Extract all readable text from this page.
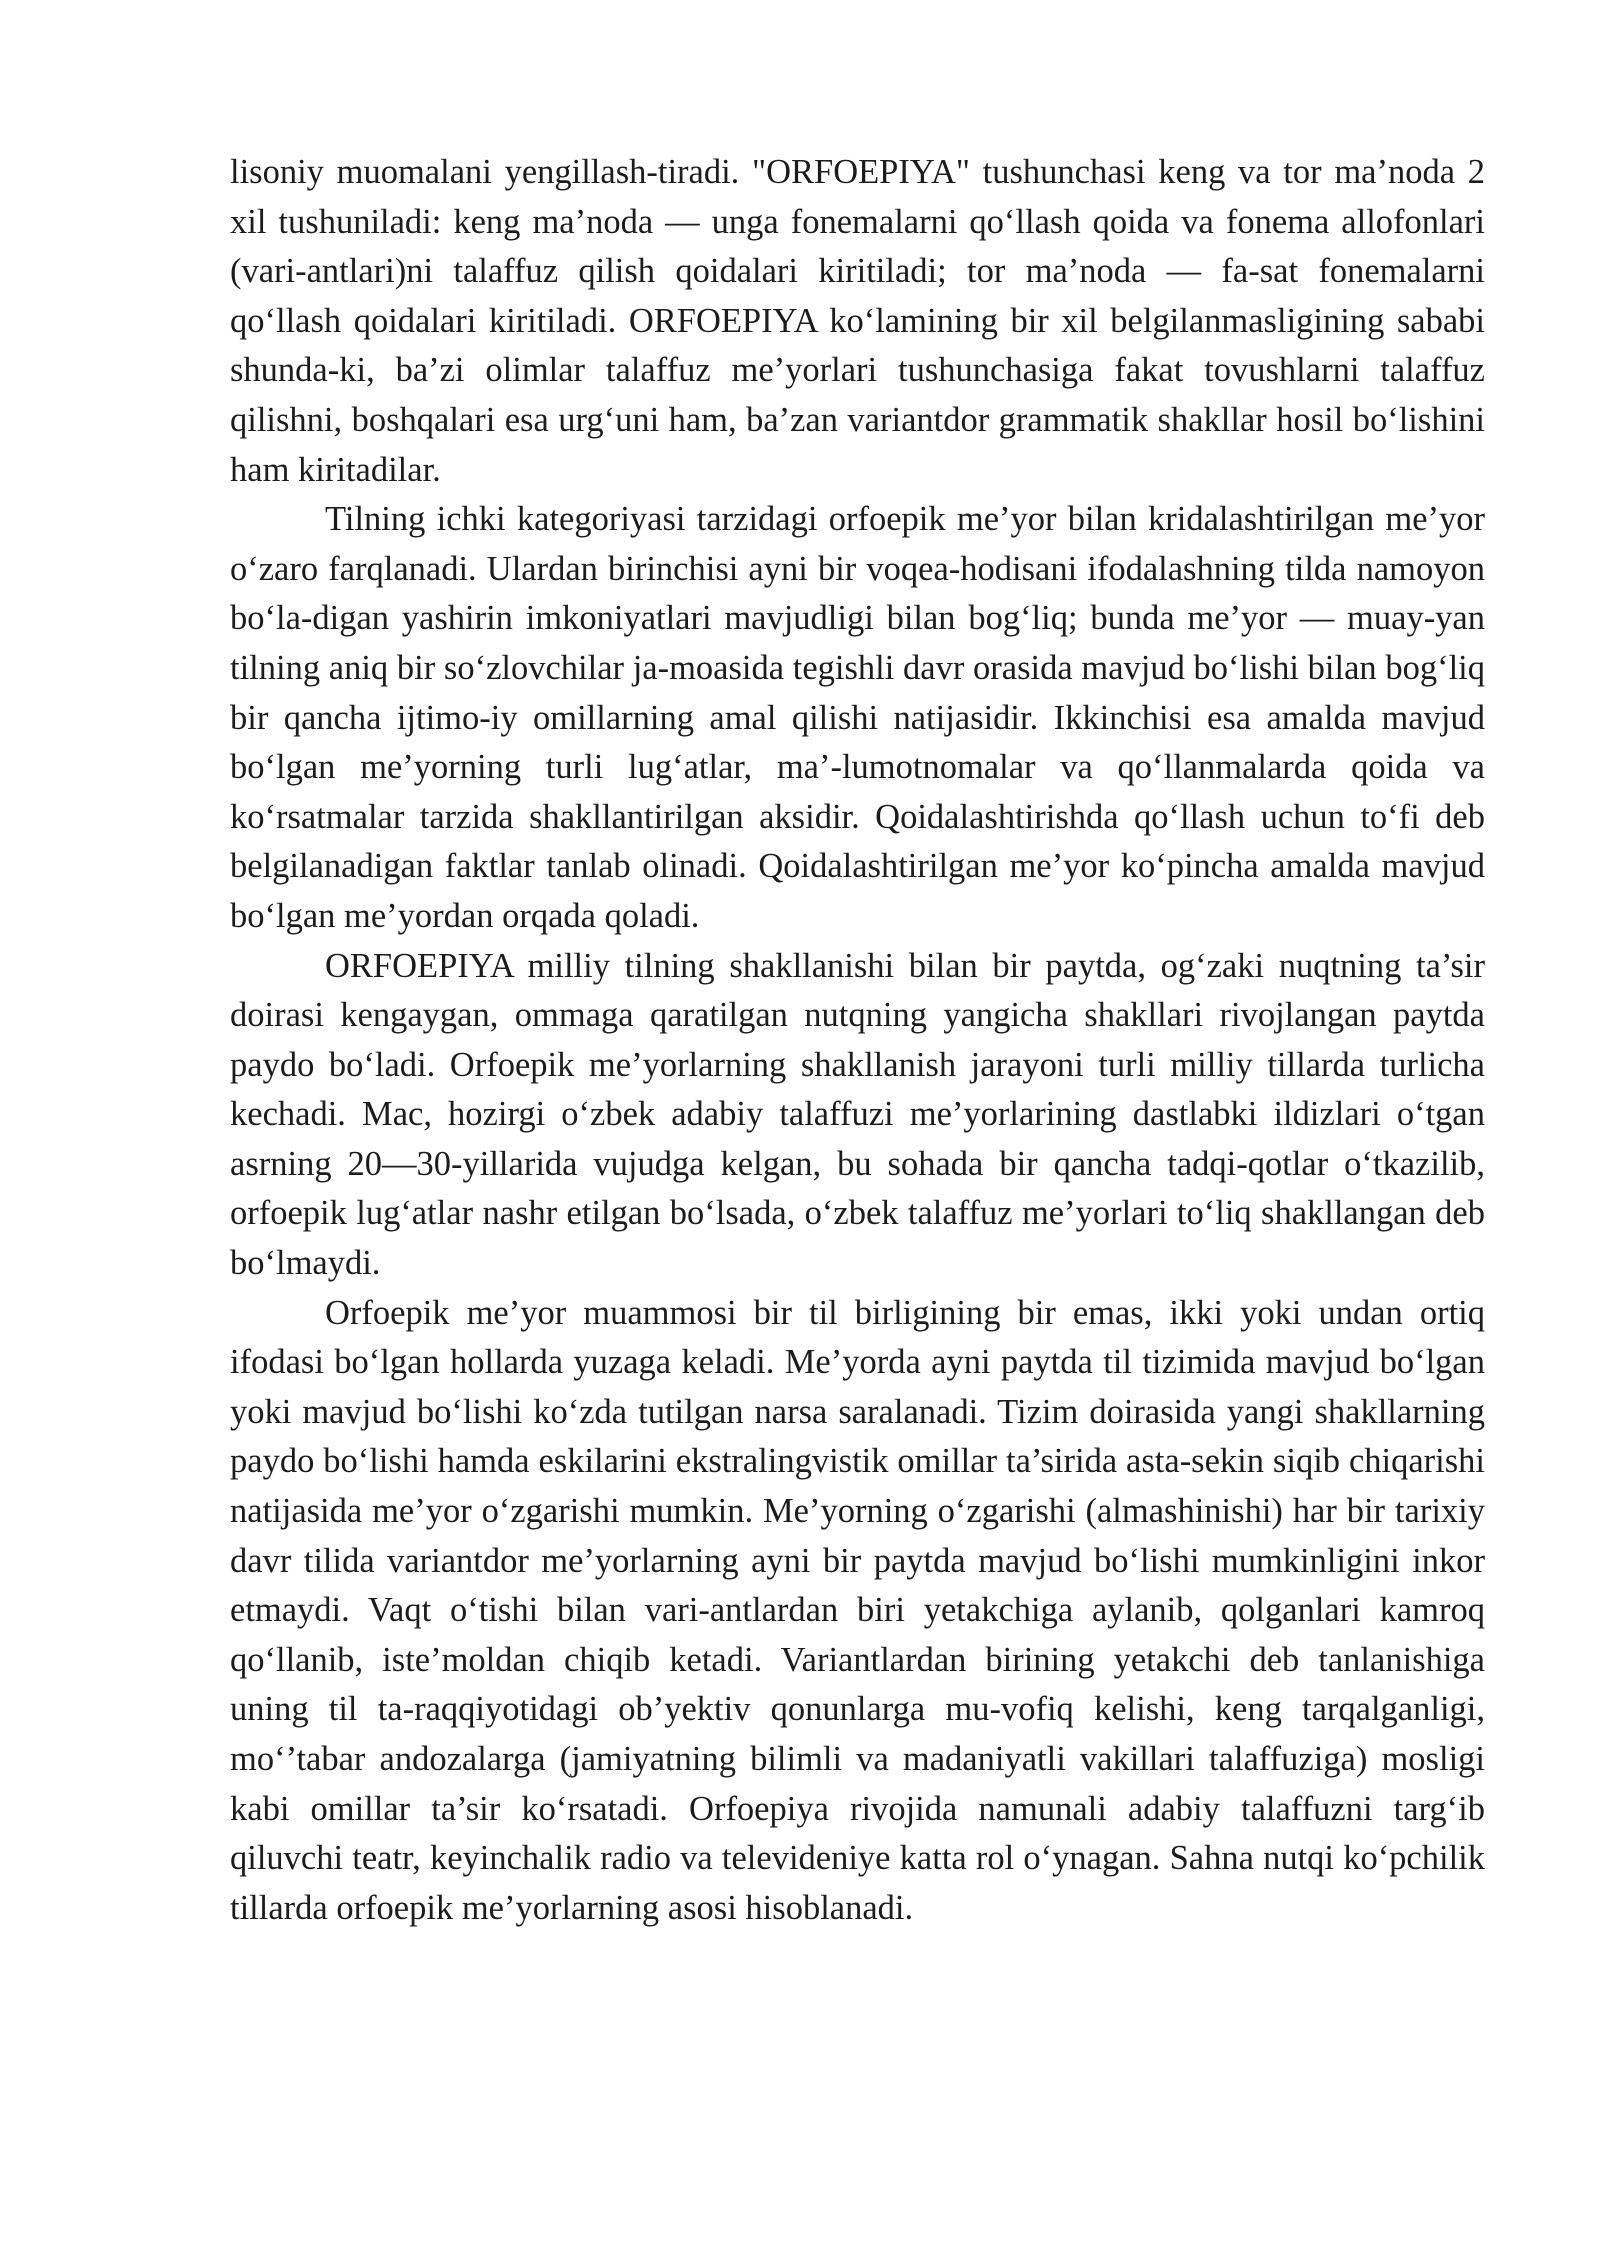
lisoniy muomalani yengillash-tiradi. "ORFOEPIYA" tushunchasi keng va tor ma’noda 2 xil tushuniladi: keng ma’noda — unga fonemalarni qo‘llash qoida va fonema allofonlari (vari-antlari)ni talaffuz qilish qoidalari kiritiladi; tor ma’noda — fa-sat fonemalarni qo‘llash qoidalari kiritiladi. ORFOEPIYA ko‘lamining bir xil belgilanmasligining sababi shunda-ki, ba’zi olimlar talaffuz me’yorlari tushunchasiga fakat tovushlarni talaffuz qilishni, boshqalari esa urg‘uni ham, ba’zan variantdor grammatik shakllar hosil bo‘lishini ham kiritadilar.

Tilning ichki kategoriyasi tarzidagi orfoepik me’yor bilan kridalashtirilgan me’yor o‘zaro farqlanadi. Ulardan birinchisi ayni bir voqea-hodisani ifodalashning tilda namoyon bo‘la-digan yashirin imkoniyatlari mavjudligi bilan bog‘liq; bunda me’yor — muay-yan tilning aniq bir so‘zlovchilar ja-moasida tegishli davr orasida mavjud bo‘lishi bilan bog‘liq bir qancha ijtimo-iy omillarning amal qilishi natijasidir. Ikkinchisi esa amalda mavjud bo‘lgan me’yorning turli lug‘atlar, ma’-lumotnomalar va qo‘llanmalarda qoida va ko‘rsatmalar tarzida shakllantirilgan aksidir. Qoidalashtirishda qo‘llash uchun to‘fi deb belgilanadigan faktlar tanlab olinadi. Qoidalashtirilgan me’yor ko‘pincha amalda mavjud bo‘lgan me’yordan orqada qoladi.

ORFOEPIYA milliy tilning shakllanishi bilan bir paytda, og‘zaki nuqtning ta’sir doirasi kengaygan, ommaga qaratilgan nutqning yangicha shakllari rivojlangan paytda paydo bo‘ladi. Orfoepik me’yorlarning shakllanish jarayoni turli milliy tillarda turlicha kechadi. Mac, hozirgi o‘zbek adabiy talaffuzi me’yorlarining dastlabki ildizlari o‘tgan asrning 20—30-yillarida vujudga kelgan, bu sohada bir qancha tadqi-qotlar o‘tkazilib, orfoepik lug‘atlar nashr etilgan bo‘lsada, o‘zbek talaffuz me’yorlari to‘liq shakllangan deb bo‘lmaydi.

Orfoepik me’yor muammosi bir til birligining bir emas, ikki yoki undan ortiq ifodasi bo‘lgan hollarda yuzaga keladi. Me’yorda ayni paytda til tizimida mavjud bo‘lgan yoki mavjud bo‘lishi ko‘zda tutilgan narsa saralanadi. Tizim doirasida yangi shakllarning paydo bo‘lishi hamda eskilarini ekstralingvistik omillar ta’sirida asta-sekin siqib chiqarishi natijasida me’yor o‘zgarishi mumkin. Me’yorning o‘zgarishi (almashinishi) har bir tarixiy davr tilida variantdor me’yorlarning ayni bir paytda mavjud bo‘lishi mumkinligini inkor etmaydi. Vaqt o‘tishi bilan vari-antlardan biri yetakchiga aylanib, qolganlari kamroq qo‘llanib, iste’moldan chiqib ketadi. Variantlardan birining yetakchi deb tanlanishiga uning til ta-raqqiyotidagi ob’yektiv qonunlarga mu-vofiq kelishi, keng tarqalganligi, mo‘’tabar andozalarga (jamiyatning bilimli va madaniyatli vakillari talaffuziga) mosligi kabi omillar ta’sir ko‘rsatadi. Orfoepiya rivojida namunali adabiy talaffuzni targ‘ib qiluvchi teatr, keyinchalik radio va televideniye katta rol o‘ynagan. Sahna nutqi ko‘pchilik tillarda orfoepik me’yorlarning asosi hisoblanadi.
